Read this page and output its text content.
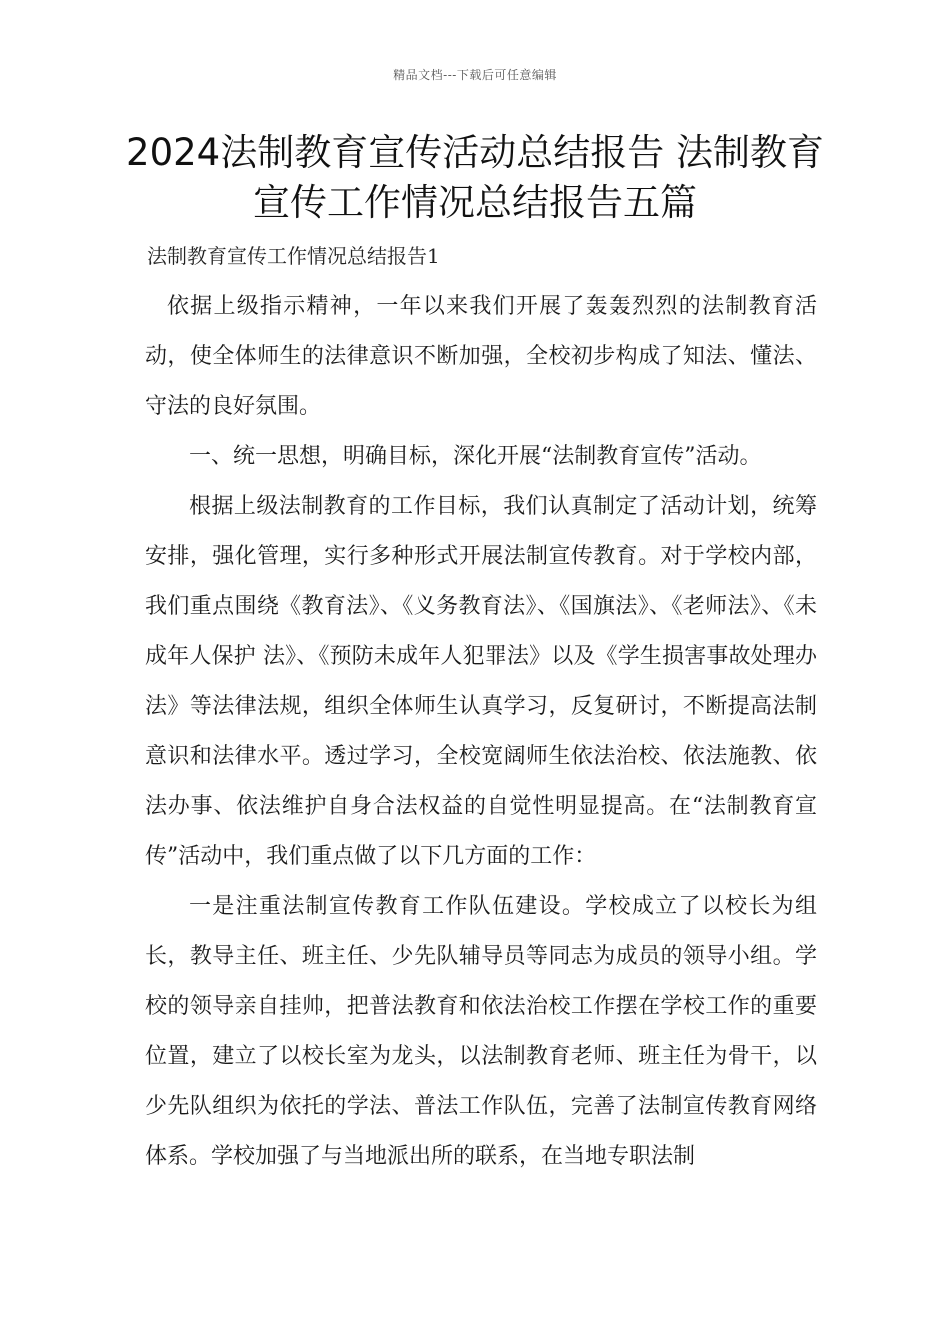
精品文档---下载后可任意编辑
2024法制教育宣传活动总结报告 法制教育宣传工作情况总结报告五篇
法制教育宣传工作情况总结报告1

依据上级指示精神，一年以来我们开展了轰轰烈烈的法制教育活动，使全体师生的法律意识不断加强，全校初步构成了知法、懂法、守法的良好氛围。

一、统一思想，明确目标，深化开展“法制教育宣传”活动。

根据上级法制教育的工作目标，我们认真制定了活动计划，统筹安排，强化管理，实行多种形式开展法制宣传教育。对于学校内部，我们重点围绕《教育法》、《义务教育法》、《国旗法》、《老师法》、《未成年人保护 法》、《预防未成年人犯罪法》以及《学生损害事故处理办法》等法律法规，组织全体师生认真学习，反复研讨，不断提高法制意识和法律水平。透过学习，全校宽阔师生依法治校、依法施教、依法办事、依法维护自身合法权益的自觉性明显提高。在“法制教育宣传”活动中，我们重点做了以下几方面的工作：

一是注重法制宣传教育工作队伍建设。学校成立了以校长为组长，教导主任、班主任、少先队辅导员等同志为成员的领导小组。学校的领导亲自挂帅，把普法教育和依法治校工作摆在学校工作的重要位置，建立了以校长室为龙头，以法制教育老师、班主任为骨干，以少先队组织为依托的学法、普法工作队伍，完善了法制宣传教育网络体系。学校加强了与当地派出所的联系，在当地专职法制
